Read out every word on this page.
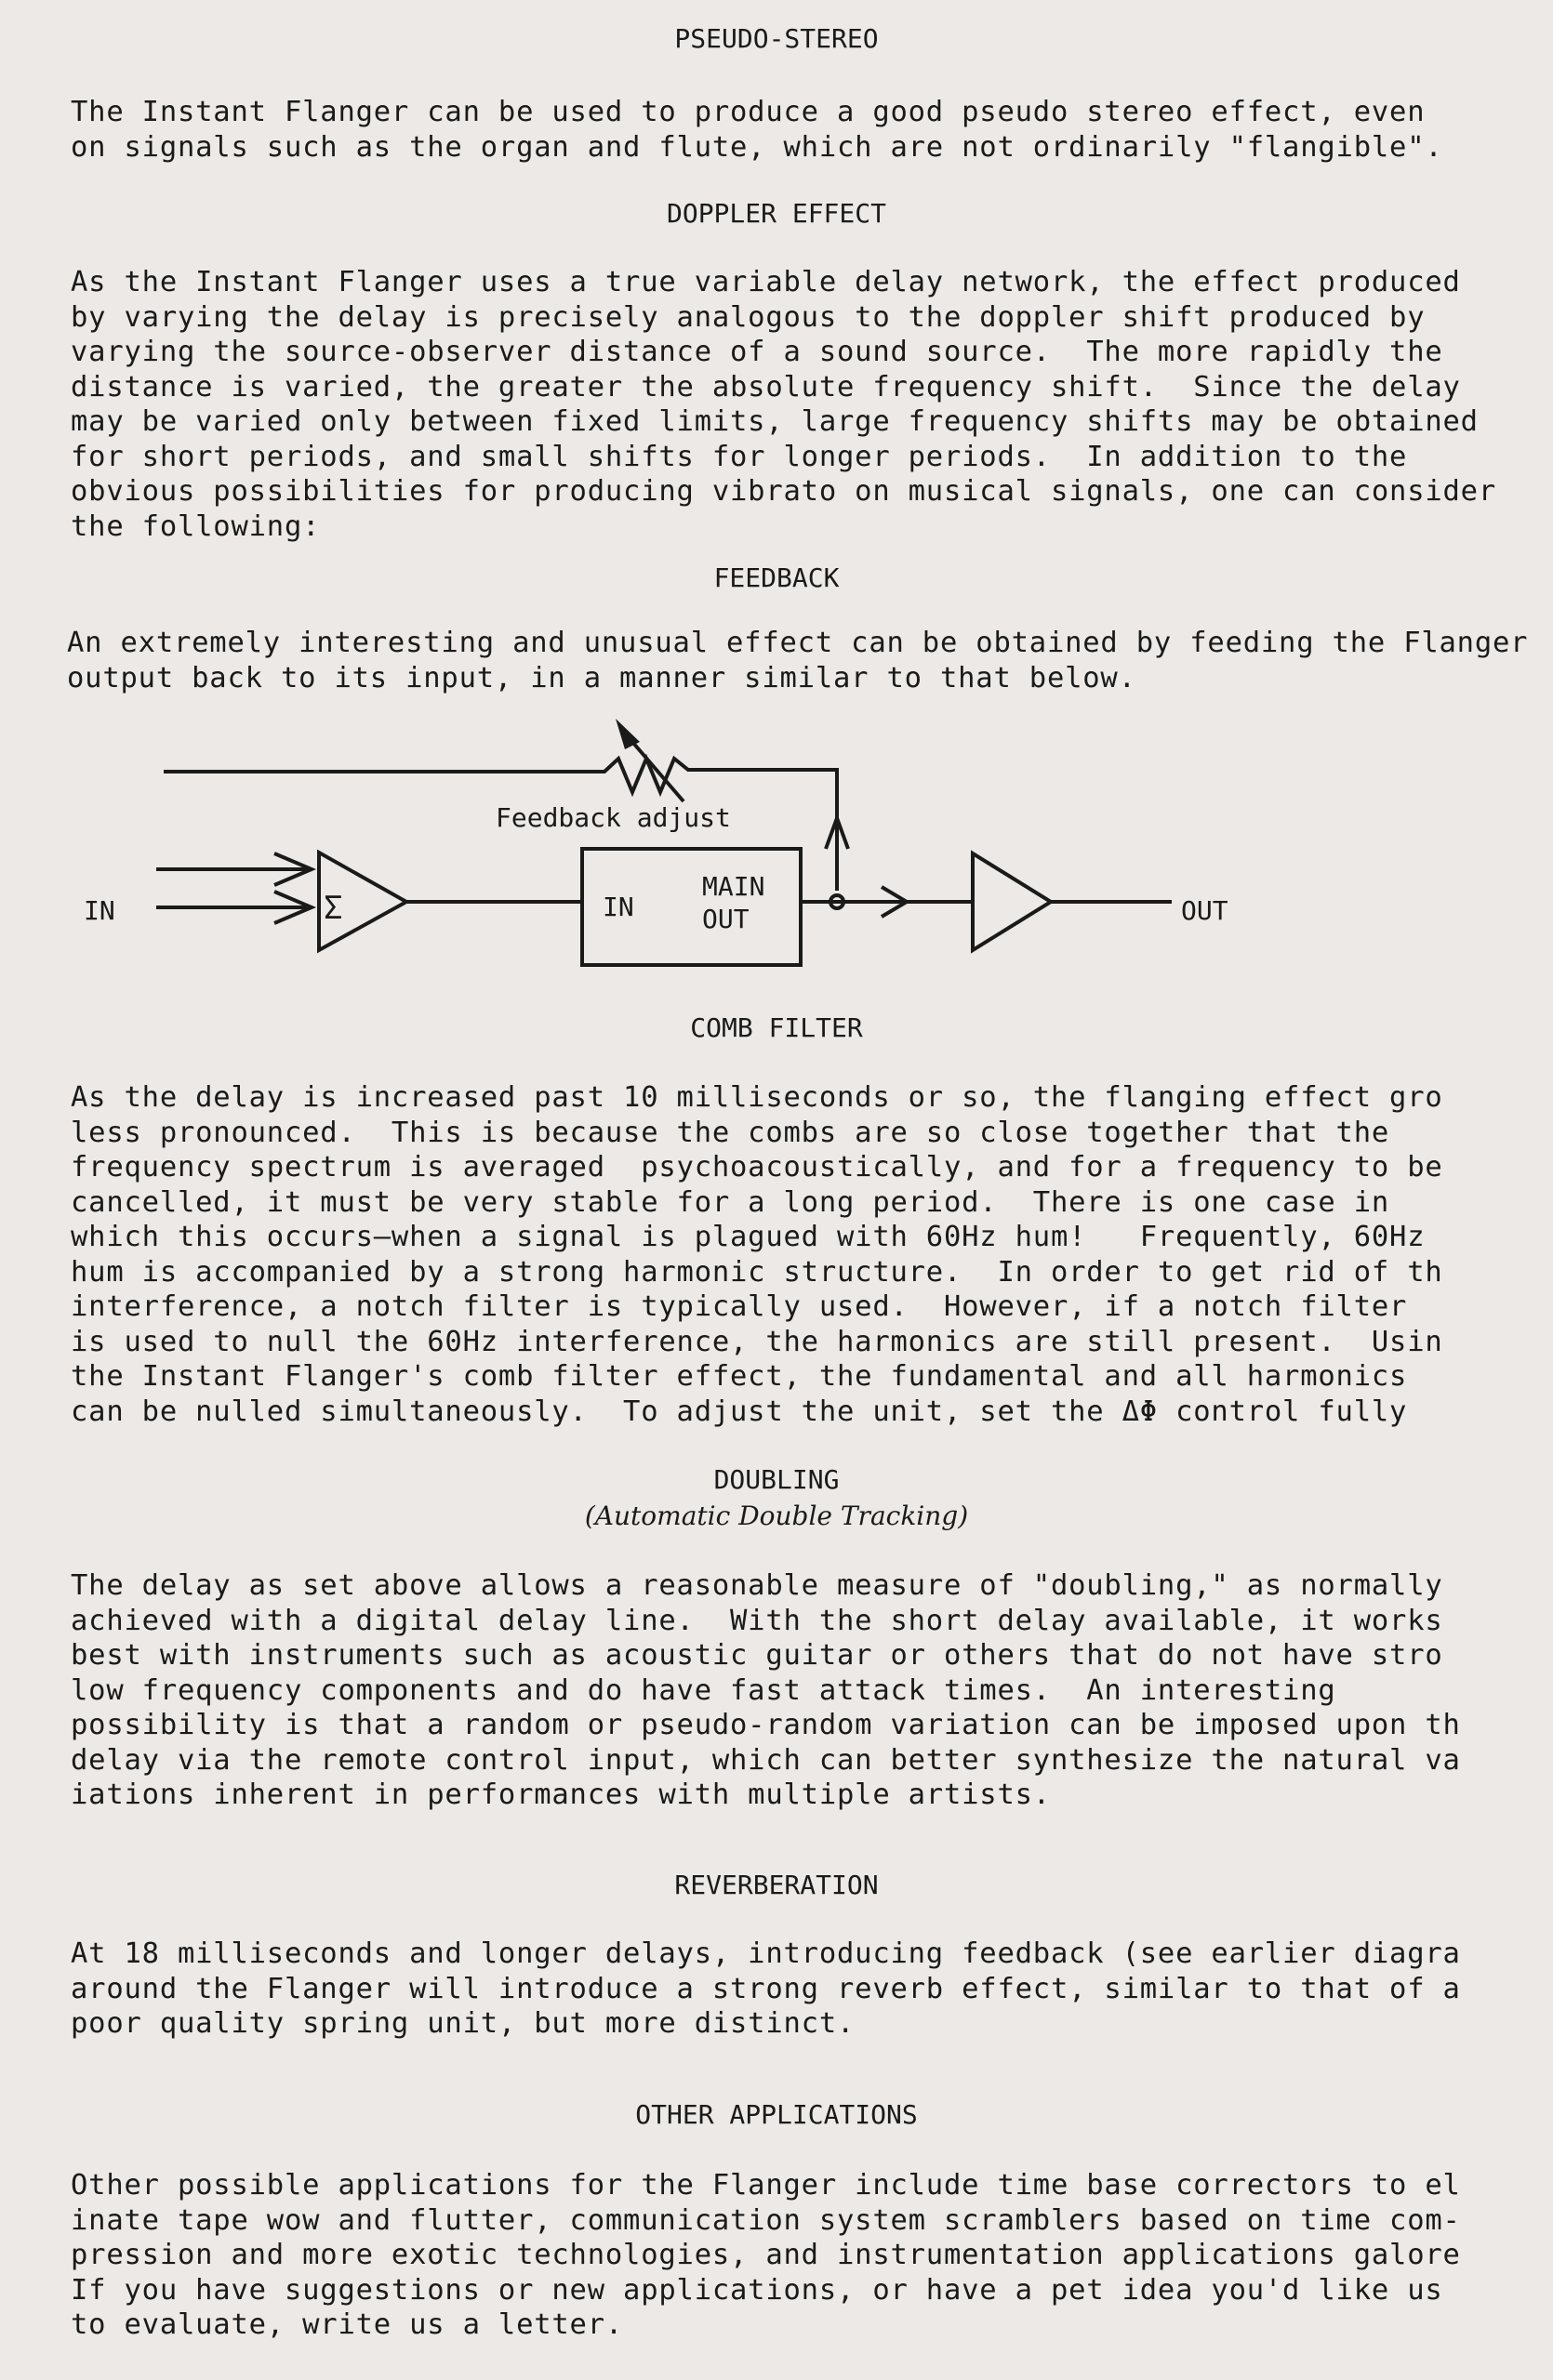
PSEUDO-STEREO
The Instant Flanger can be used to produce a good pseudo stereo effect, even
on signals such as the organ and flute, which are not ordinarily "flangible".
DOPPLER EFFECT
As the Instant Flanger uses a true variable delay network, the effect produced
by varying the delay is precisely analogous to the doppler shift produced by
varying the source-observer distance of a sound source.  The more rapidly the
distance is varied, the greater the absolute frequency shift.  Since the delay
may be varied only between fixed limits, large frequency shifts may be obtained
for short periods, and small shifts for longer periods.  In addition to the
obvious possibilities for producing vibrato on musical signals, one can consider
the following:
FEEDBACK
An extremely interesting and unusual effect can be obtained by feeding the Flanger
output back to its input, in a manner similar to that below.
IN	OUT
Σ	IN
MAIN
OUT
Feedback adjust
COMB FILTER
As the delay is increased past 10 milliseconds or so, the flanging effect gro
less pronounced.  This is because the combs are so close together that the
frequency spectrum is averaged  psychoacoustically, and for a frequency to be
cancelled, it must be very stable for a long period.  There is one case in
which this occurs—when a signal is plagued with 60Hz hum!   Frequently, 60Hz
hum is accompanied by a strong harmonic structure.  In order to get rid of th
interference, a notch filter is typically used.  However, if a notch filter
is used to null the 60Hz interference, the harmonics are still present.  Usin
the Instant Flanger's comb filter effect, the fundamental and all harmonics
can be nulled simultaneously.  To adjust the unit, set the ΔΦ control fully
DOUBLING
(Automatic Double Tracking)
The delay as set above allows a reasonable measure of "doubling," as normally
achieved with a digital delay line.  With the short delay available, it works
best with instruments such as acoustic guitar or others that do not have stro
low frequency components and do have fast attack times.  An interesting
possibility is that a random or pseudo-random variation can be imposed upon th
delay via the remote control input, which can better synthesize the natural va
iations inherent in performances with multiple artists.
REVERBERATION
At 18 milliseconds and longer delays, introducing feedback (see earlier diagra
around the Flanger will introduce a strong reverb effect, similar to that of a
poor quality spring unit, but more distinct.
OTHER APPLICATIONS
Other possible applications for the Flanger include time base correctors to el
inate tape wow and flutter, communication system scramblers based on time com-
pression and more exotic technologies, and instrumentation applications galore
If you have suggestions or new applications, or have a pet idea you'd like us
to evaluate, write us a letter.
